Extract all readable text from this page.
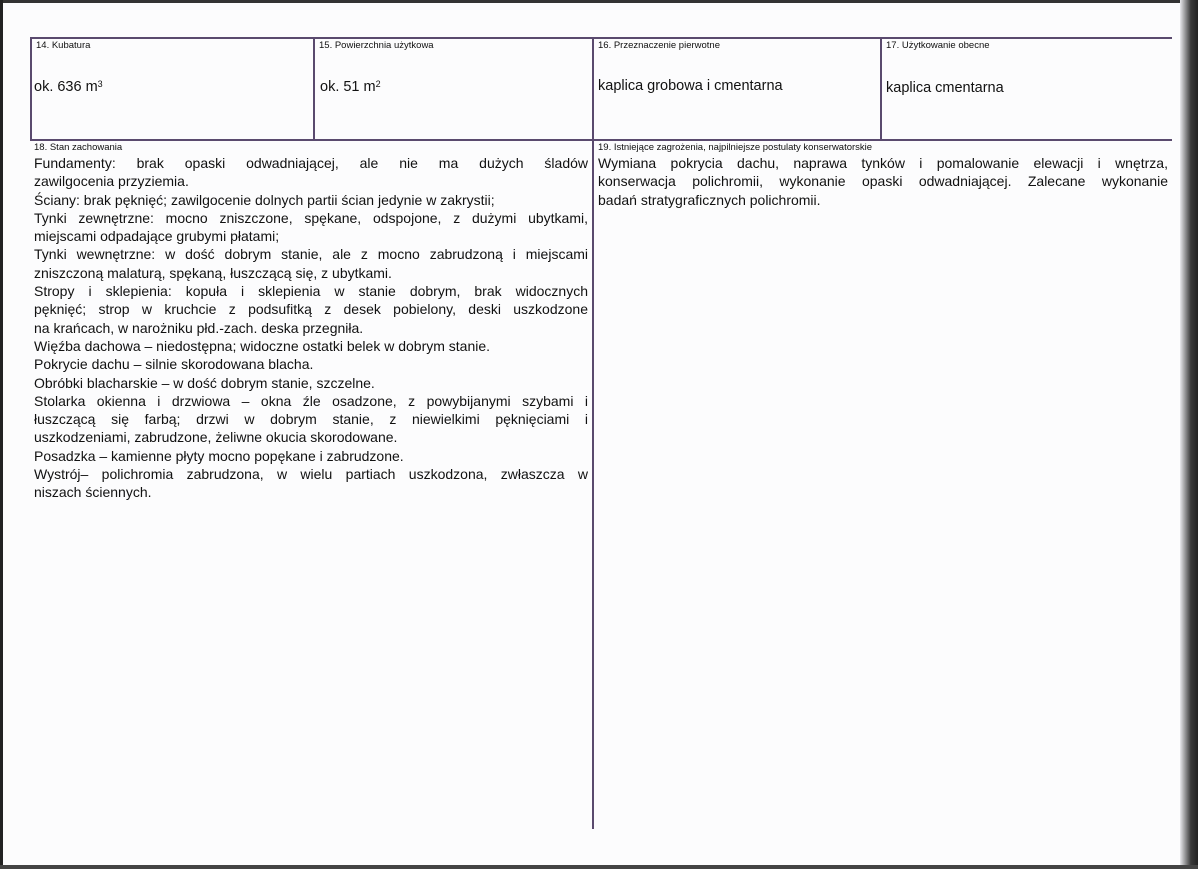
14. Kubatura
ok. 636 $m^3$
15. Powierzchnia użytkowa
ok. 51 $m^2$
16. Przeznaczenie pierwotne
kaplica grobowa i cmentarna
17. Użytkowanie obecne
kaplica cmentarna
18. Stan zachowania
Fundamenty: brak opaski odwadniającej, ale nie ma dużych śladów
zawilgocenia przyziemia.
Ściany: brak pęknięć; zawilgocenie dolnych partii ścian jedynie w zakrystii;
Tynki zewnętrzne: mocno zniszczone, spękane, odspojone, z dużymi ubytkami,
miejscami odpadające grubymi płatami;
Tynki wewnętrzne: w dość dobrym stanie, ale z mocno zabrudzoną i miejscami
zniszczoną malaturą, spękaną, łuszczącą się, z ubytkami.
Stropy i sklepienia: kopuła i sklepienia w stanie dobrym, brak widocznych
pęknięć; strop w kruchcie z podsufitką z desek pobielony, deski uszkodzone
na krańcach, w narożniku płd.-zach. deska przegniła.
Więźba dachowa – niedostępna; widoczne ostatki belek w dobrym stanie.
Pokrycie dachu – silnie skorodowana blacha.
Obróbki blacharskie – w dość dobrym stanie, szczelne.
Stolarka okienna i drzwiowa – okna źle osadzone, z powybijanymi szybami i
łuszczącą się farbą; drzwi w dobrym stanie, z niewielkimi pęknięciami i
uszkodzeniami, zabrudzone, żeliwne okucia skorodowane.
Posadzka – kamienne płyty mocno popękane i zabrudzone.
Wystrój– polichromia zabrudzona, w wielu partiach uszkodzona, zwłaszcza w
niszach ściennych.
19. Istniejące zagrożenia, najpilniejsze postulaty konserwatorskie
Wymiana pokrycia dachu, naprawa tynków i pomalowanie elewacji i wnętrza,
konserwacja polichromii, wykonanie opaski odwadniającej. Zalecane wykonanie
badań stratygraficznych polichromii.
